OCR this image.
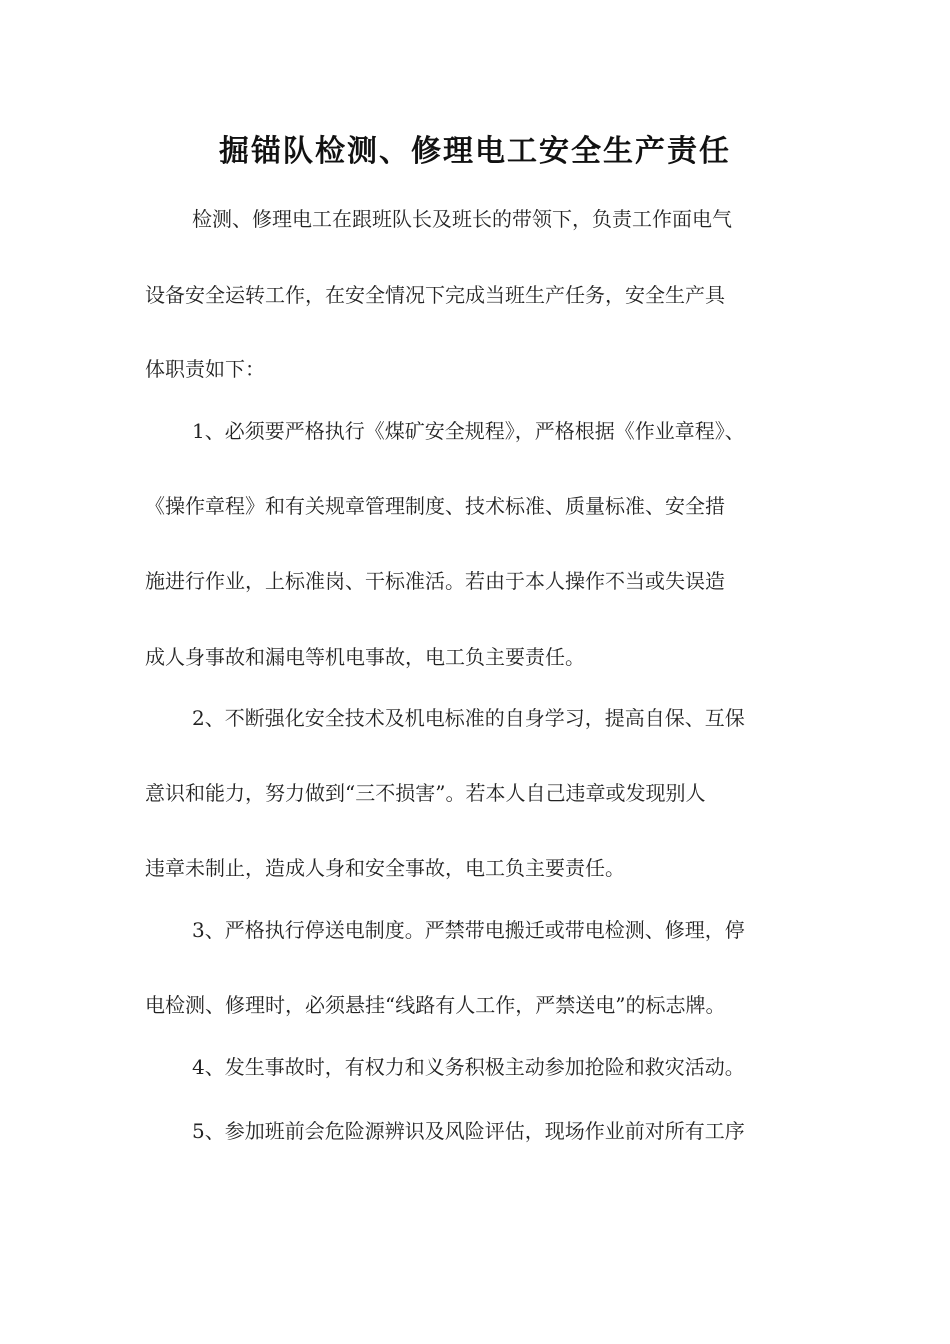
掘锚队检测、修理电工安全生产责任
检测、修理电工在跟班队长及班长的带领下，负责工作面电气
设备安全运转工作，在安全情况下完成当班生产任务，安全生产具
体职责如下：
1、必须要严格执行《煤矿安全规程》，严格根据《作业章程》、
《操作章程》和有关规章管理制度、技术标准、质量标准、安全措
施进行作业，上标准岗、干标准活。若由于本人操作不当或失误造
成人身事故和漏电等机电事故，电工负主要责任。
2、不断强化安全技术及机电标准的自身学习，提高自保、互保
意识和能力，努力做到“三不损害”。若本人自己违章或发现别人
违章未制止，造成人身和安全事故，电工负主要责任。
3、严格执行停送电制度。严禁带电搬迁或带电检测、修理，停
电检测、修理时，必须悬挂“线路有人工作，严禁送电”的标志牌。
4、发生事故时，有权力和义务积极主动参加抢险和救灾活动。
5、参加班前会危险源辨识及风险评估，现场作业前对所有工序
